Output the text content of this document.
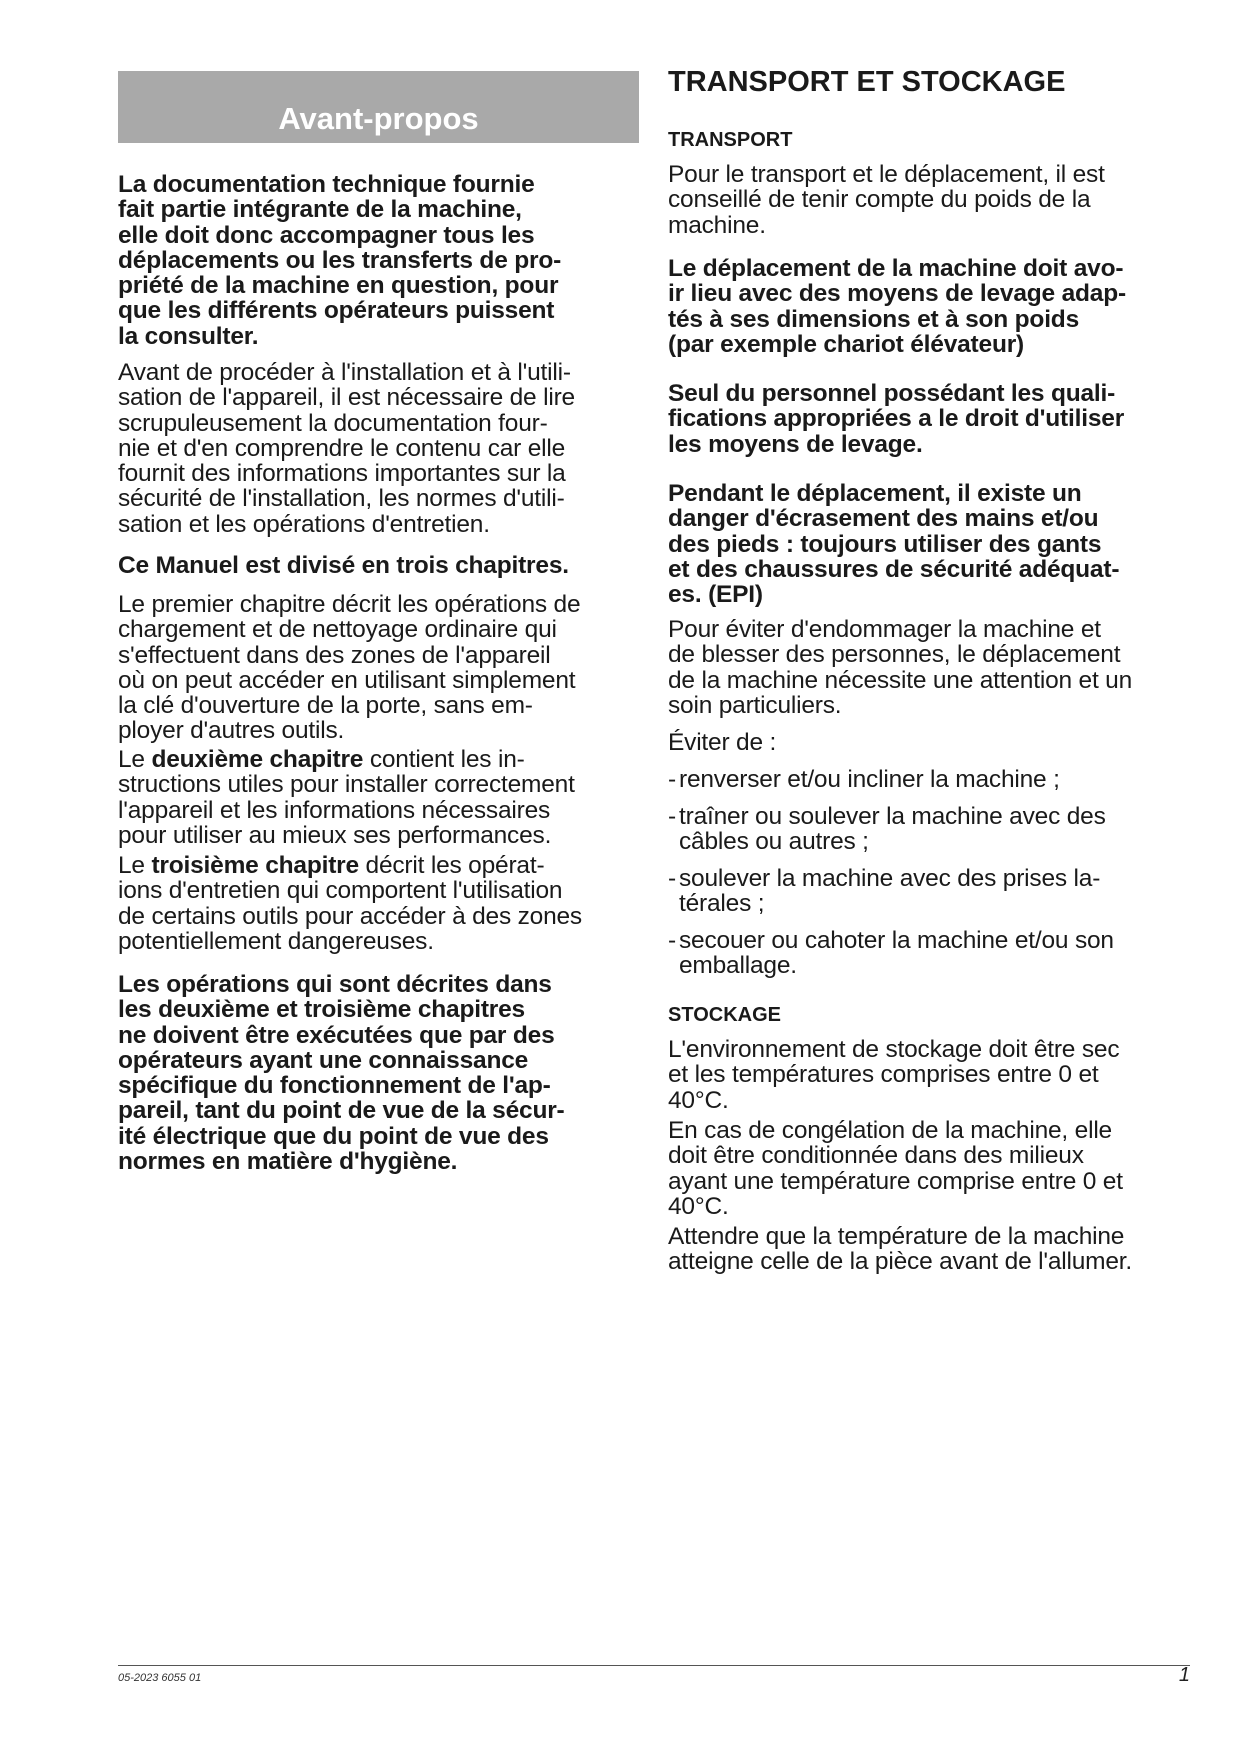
Avant-propos
La documentation technique fournie
fait partie intégrante de la machine,
elle doit donc accompagner tous les
déplacements ou les transferts de pro-
priété de la machine en question, pour
que les différents opérateurs puissent
la consulter.
Avant de procéder à l'installation et à l'utili-
sation de l'appareil, il est nécessaire de lire
scrupuleusement la documentation four-
nie et d'en comprendre le contenu car elle
fournit des informations importantes sur la
sécurité de l'installation, les normes d'utili-
sation et les opérations d'entretien.
Ce Manuel est divisé en trois chapitres.
Le premier chapitre décrit les opérations de
chargement et de nettoyage ordinaire qui
s'effectuent dans des zones de l'appareil
où on peut accéder en utilisant simplement
la clé d'ouverture de la porte, sans em-
ployer d'autres outils.
Le deuxième chapitre contient les in-
structions utiles pour installer correctement
l'appareil et les informations nécessaires
pour utiliser au mieux ses performances.
Le troisième chapitre décrit les opérat-
ions d'entretien qui comportent l'utilisation
de certains outils pour accéder à des zones
potentiellement dangereuses.
Les opérations qui sont décrites dans
les deuxième et troisième chapitres
ne doivent être exécutées que par des
opérateurs ayant une connaissance
spécifique du fonctionnement de l'ap-
pareil, tant du point de vue de la sécur-
ité électrique que du point de vue des
normes en matière d'hygiène.
TRANSPORT ET STOCKAGE
TRANSPORT
Pour le transport et le déplacement, il est
conseillé de tenir compte du poids de la
machine.
Le déplacement de la machine doit avo-
ir lieu avec des moyens de levage adap-
tés à ses dimensions et à son poids
(par exemple chariot élévateur)
Seul du personnel possédant les quali-
fications appropriées a le droit d'utiliser
les moyens de levage.
Pendant le déplacement, il existe un
danger d'écrasement des mains et/ou
des pieds : toujours utiliser des gants
et des chaussures de sécurité adéquat-
es. (EPI)
Pour éviter d'endommager la machine et
de blesser des personnes, le déplacement
de la machine nécessite une attention et un
soin particuliers.
Éviter de :
- renverser et/ou incliner la machine ;
- traîner ou soulever la machine avec des
câbles ou autres ;
- soulever la machine avec des prises la-
térales ;
- secouer ou cahoter la machine et/ou son
emballage.
STOCKAGE
L'environnement de stockage doit être sec
et les températures comprises entre 0 et
40°C.
En cas de congélation de la machine, elle
doit être conditionnée dans des milieux
ayant une température comprise entre 0 et
40°C.
Attendre que la température de la machine
atteigne celle de la pièce avant de l'allumer.
05-2023 6055 01	1
